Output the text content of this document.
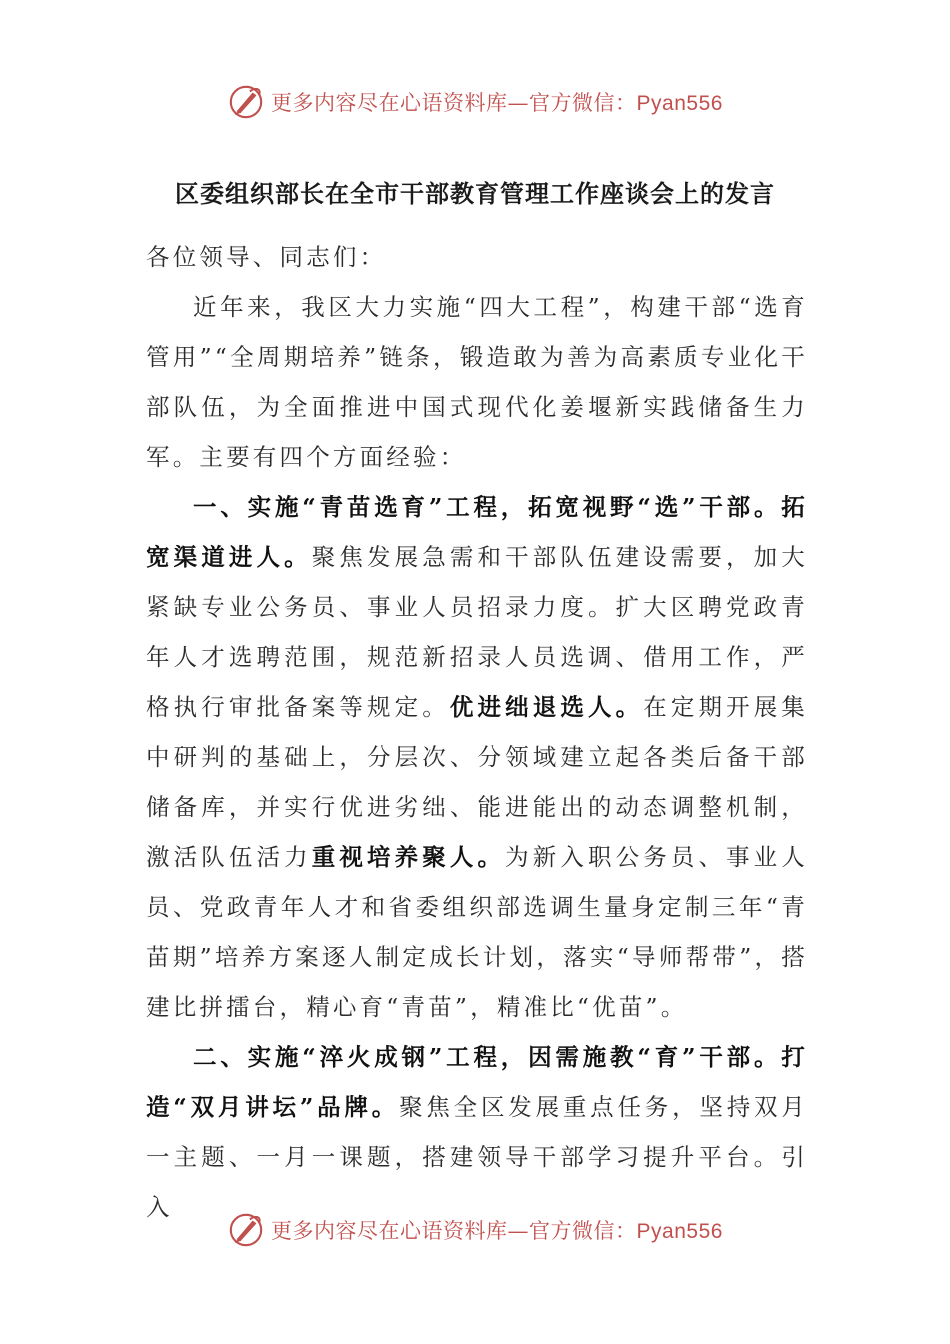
更多内容尽在心语资料库—官方微信：Pyan556
区委组织部长在全市干部教育管理工作座谈会上的发言

各位领导、同志们：

近年来，我区大力实施“四大工程”，构建干部“选育管用”“全周期培养”链条，锻造敢为善为高素质专业化干部队伍，为全面推进中国式现代化姜堰新实践储备生力军。主要有四个方面经验：

一、实施“青苗选育”工程，拓宽视野“选”干部。拓宽渠道进人。聚焦发展急需和干部队伍建设需要，加大紧缺专业公务员、事业人员招录力度。扩大区聘党政青年人才选聘范围，规范新招录人员选调、借用工作，严格执行审批备案等规定。优进绌退选人。在定期开展集中研判的基础上，分层次、分领域建立起各类后备干部储备库，并实行优进劣绌、能进能出的动态调整机制，激活队伍活力重视培养聚人。为新入职公务员、事业人员、党政青年人才和省委组织部选调生量身定制三年“青苗期”培养方案逐人制定成长计划，落实“导师帮带”，搭建比拼擂台，精心育“青苗”，精准比“优苗”。

二、实施“淬火成钢”工程，因需施教“育”干部。打造“双月讲坛”品牌。聚焦全区发展重点任务，坚持双月一主题、一月一课题，搭建领导干部学习提升平台。引入

更多内容尽在心语资料库—官方微信：Pyan556
